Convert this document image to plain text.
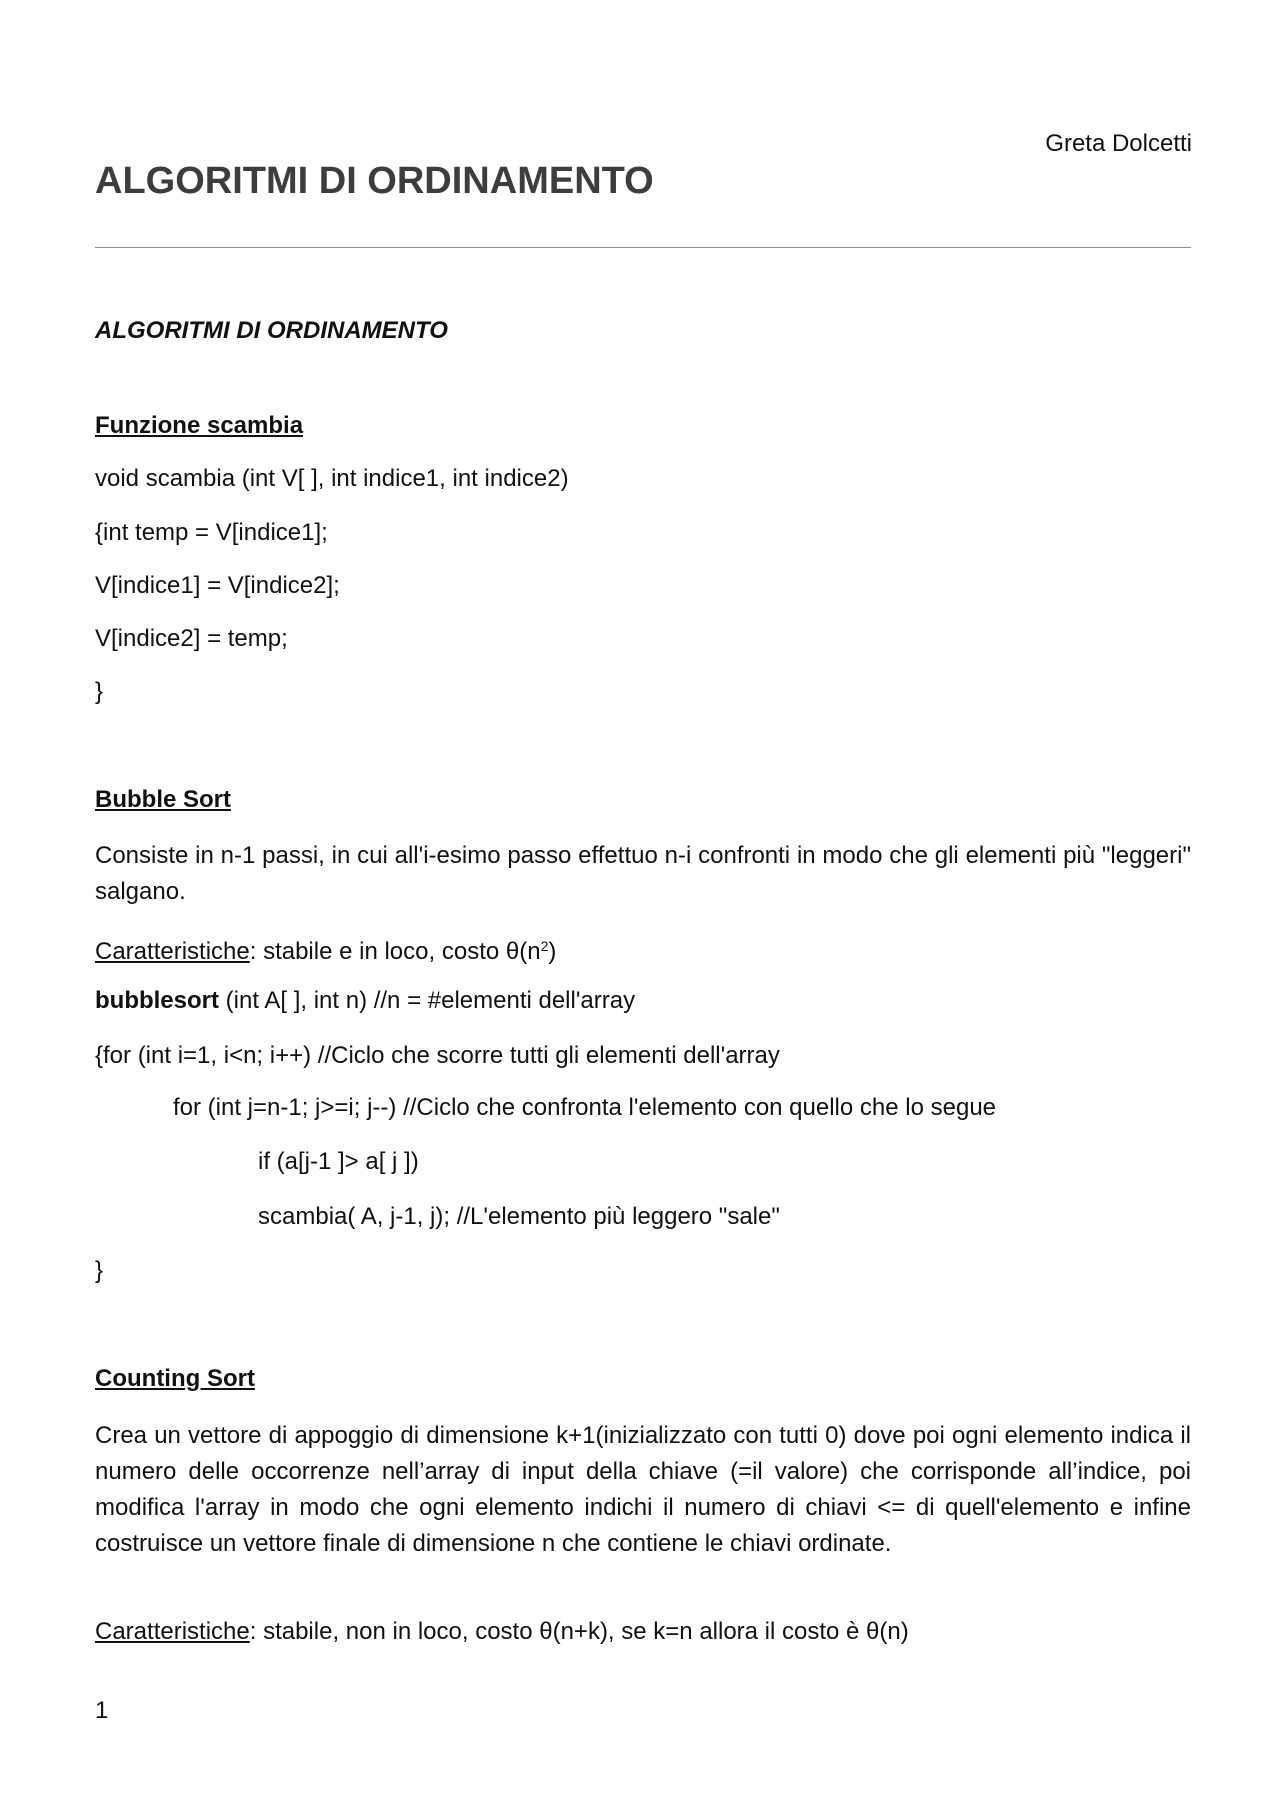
Greta Dolcetti
ALGORITMI DI ORDINAMENTO
ALGORITMI DI ORDINAMENTO
Funzione scambia
void scambia (int V[ ], int indice1, int indice2)
{int temp = V[indice1];
V[indice1] = V[indice2];
V[indice2] = temp;
}
Bubble Sort
Consiste in n-1 passi, in cui all'i-esimo passo effettuo n-i confronti in modo che gli elementi più "leggeri" salgano.
Caratteristiche: stabile e in loco, costo $\theta(n^2)$
bubblesort (int A[ ], int n) //n = #elementi dell'array
{for (int i=1, i<n; i++) //Ciclo che scorre tutti gli elementi dell'array
for (int j=n-1; j>=i; j--) //Ciclo che confronta l'elemento con quello che lo segue
if (a[j-1 ]> a[ j ])
scambia( A, j-1, j); //L'elemento più leggero "sale"
}
Counting Sort
Crea un vettore di appoggio di dimensione k+1(inizializzato con tutti 0) dove poi ogni elemento indica il numero delle occorrenze nell’array di input della chiave (=il valore) che corrisponde all’indice, poi modifica l'array in modo che ogni elemento indichi il numero di chiavi <= di quell'elemento e infine costruisce un vettore finale di dimensione n che contiene le chiavi ordinate.
Caratteristiche: stabile, non in loco, costo θ(n+k), se k=n allora il costo è θ(n)
1
